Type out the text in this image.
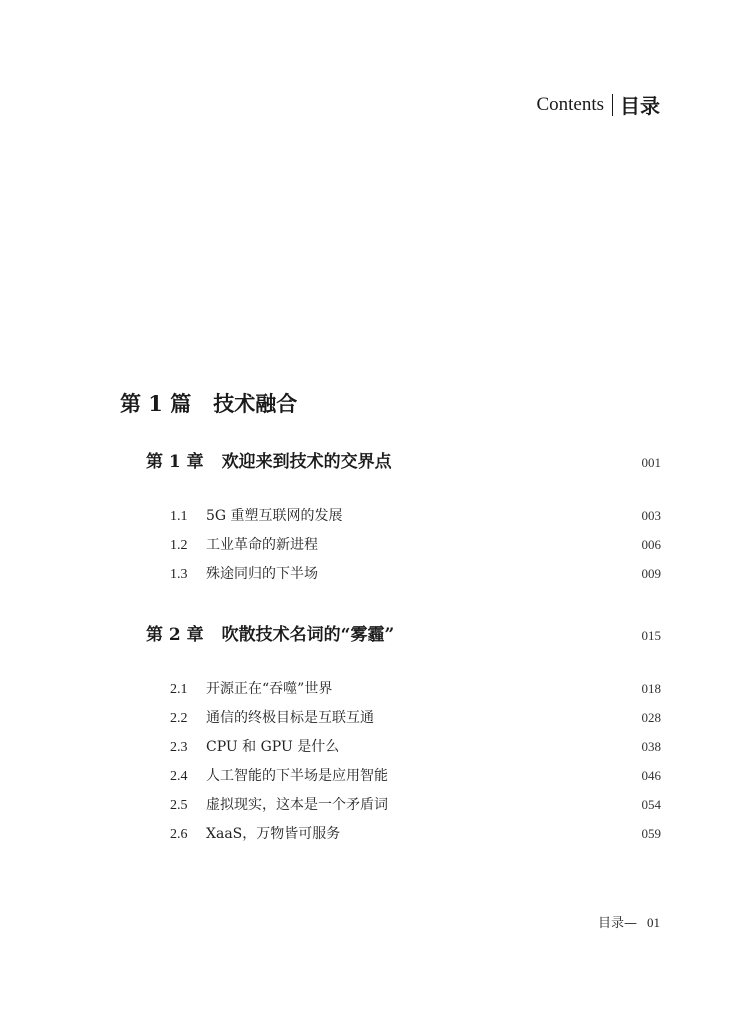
Contents 目录
第 1 篇 技术融合
第 1 章 欢迎来到技术的交界点	001
1.1 5G 重塑互联网的发展	003
1.2 工业革命的新进程	006
1.3 殊途同归的下半场	009
第 2 章 吹散技术名词的“雾霾”	015
2.1 开源正在“吞噬”世界	018
2.2 通信的终极目标是互联互通	028
2.3 CPU 和 GPU 是什么	038
2.4 人工智能的下半场是应用智能	046
2.5 虚拟现实，这本是一个矛盾词	054
2.6 XaaS，万物皆可服务	059
目录— 01
